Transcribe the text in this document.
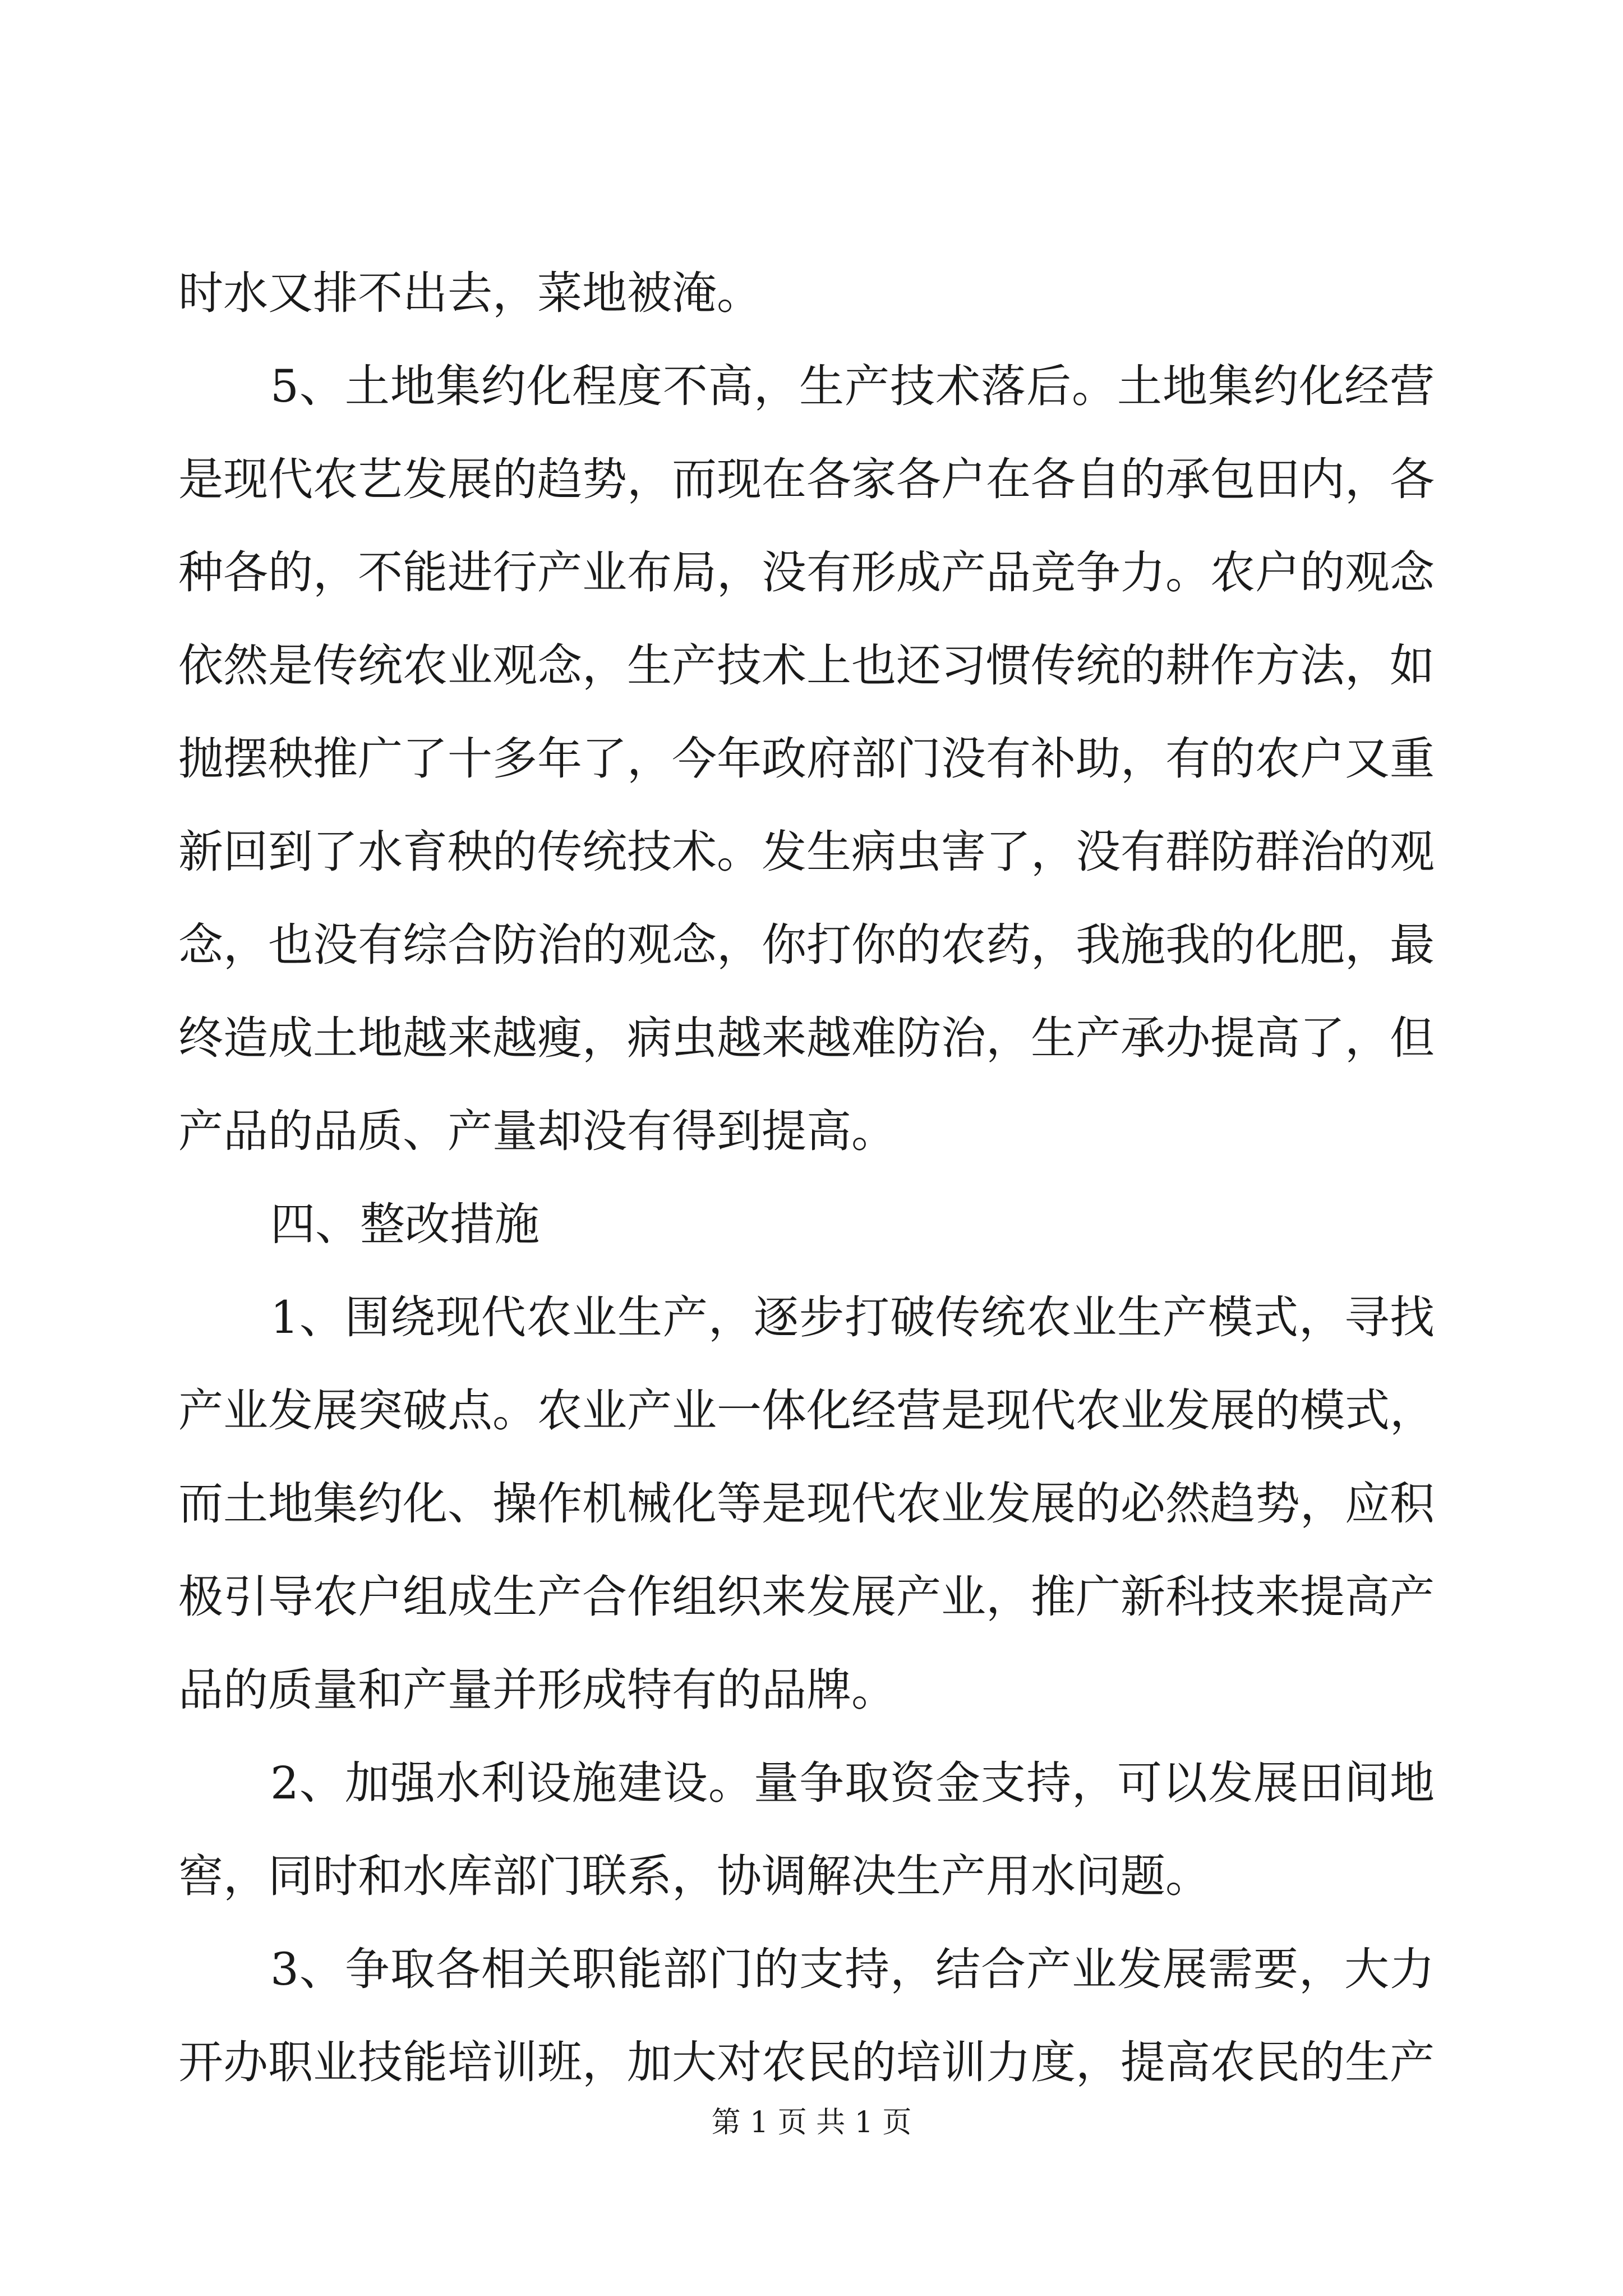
时水又排不出去，菜地被淹。
5、土地集约化程度不高，生产技术落后。土地集约化经营
是现代农艺发展的趋势，而现在各家各户在各自的承包田内，各
种各的，不能进行产业布局，没有形成产品竞争力。农户的观念
依然是传统农业观念，生产技术上也还习惯传统的耕作方法，如
抛摆秧推广了十多年了，今年政府部门没有补助，有的农户又重
新回到了水育秧的传统技术。发生病虫害了，没有群防群治的观
念，也没有综合防治的观念，你打你的农药，我施我的化肥，最
终造成土地越来越瘦，病虫越来越难防治，生产承办提高了，但
产品的品质、产量却没有得到提高。
四、整改措施
1、围绕现代农业生产，逐步打破传统农业生产模式，寻找
产业发展突破点。农业产业一体化经营是现代农业发展的模式，
而土地集约化、操作机械化等是现代农业发展的必然趋势，应积
极引导农户组成生产合作组织来发展产业，推广新科技来提高产
品的质量和产量并形成特有的品牌。
2、加强水利设施建设。量争取资金支持，可以发展田间地
窖，同时和水库部门联系，协调解决生产用水问题。
3、争取各相关职能部门的支持，结合产业发展需要，大力
开办职业技能培训班，加大对农民的培训力度，提高农民的生产
第 1 页 共 1 页
